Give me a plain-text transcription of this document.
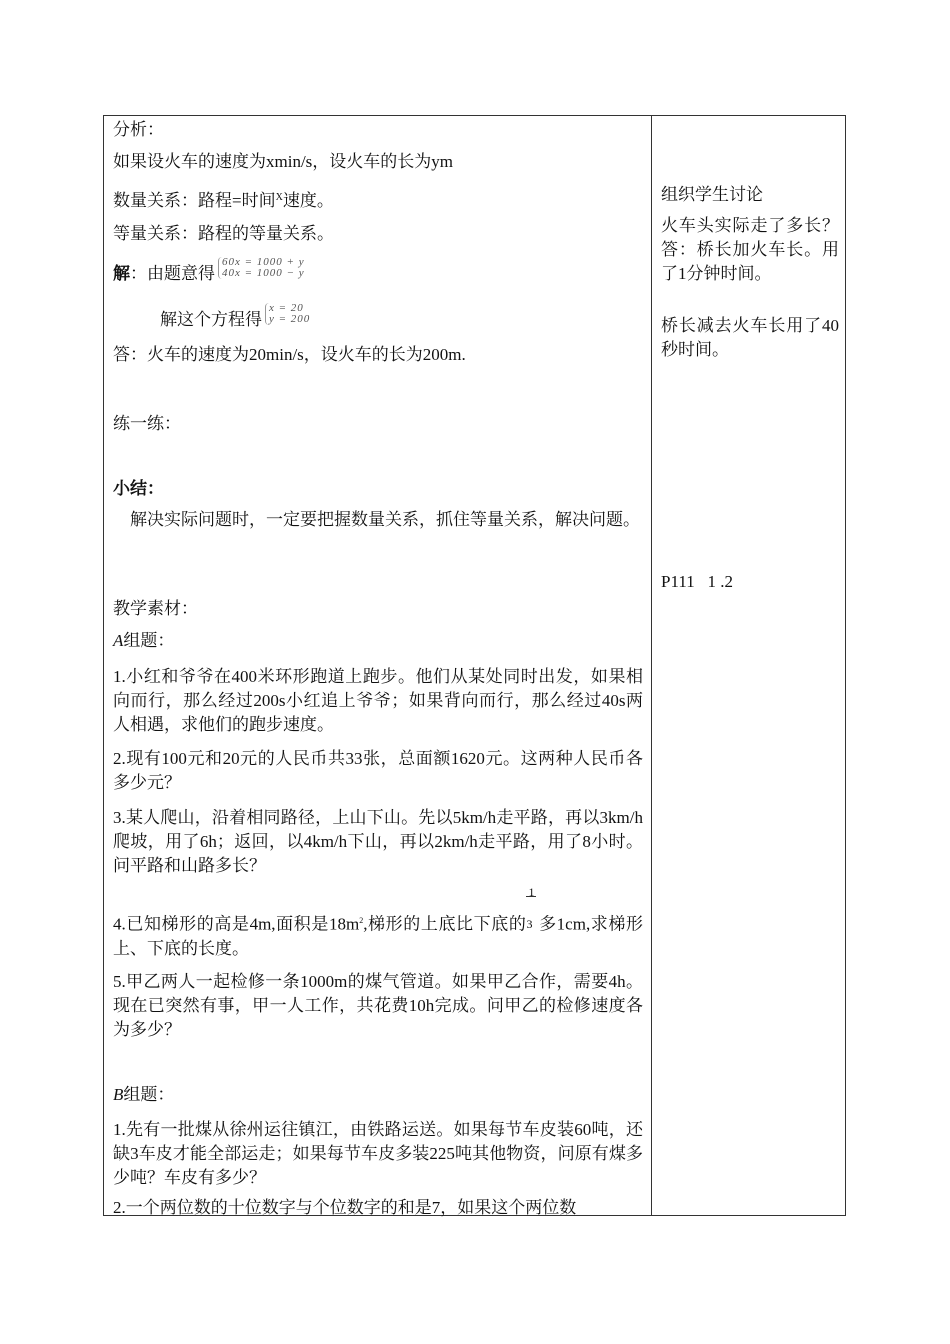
分析：

如果设火车的速度为xmin/s，设火车的长为ym

数量关系：路程=时间$^X$速度。

等量关系：路程的等量关系。

解：由题意得
60x = 1000 + y
40x = 1000 − y

解这个方程得
x = 20
y = 200

答：火车的速度为20min/s，设火车的长为200m.

练一练：

小结：

解决实际问题时，一定要把握数量关系，抓住等量关系，解决问题。

教学素材：

A组题：

1.小红和爷爷在400米环形跑道上跑步。他们从某处同时出发，如果相向而行，那么经过200s小红追上爷爷；如果背向而行，那么经过40s两人相遇，求他们的跑步速度。

2.现有100元和20元的人民币共33张，总面额1620元。这两种人民币各多少元？

3.某人爬山，沿着相同路径，上山下山。先以5km/h走平路，再以3km/h爬坡，用了6h；返回，以4km/h下山，再以2km/h走平路，用了8小时。问平路和山路多长？

4.已知梯形的高是4m,面积是$18m^2$,梯形的上底比下底的 $\frac{1}{3}$多1cm,求梯形上、下底的长度。

5.甲乙两人一起检修一条1000m的煤气管道。如果甲乙合作，需要4h。现在已突然有事，甲一人工作，共花费10h完成。问甲乙的检修速度各为多少？

B组题：

1.先有一批煤从徐州运往镇江，由铁路运送。如果每节车皮装60吨，还缺3车皮才能全部运走；如果每节车皮多装225吨其他物资，问原有煤多少吨？车皮有多少？

2.一个两位数的十位数字与个位数字的和是7，如果这个两位数

组织学生讨论

火车头实际走了多长？答：桥长加火车长。用了1分钟时间。

桥长减去火车长用了40秒时间。

P111   1 .2
